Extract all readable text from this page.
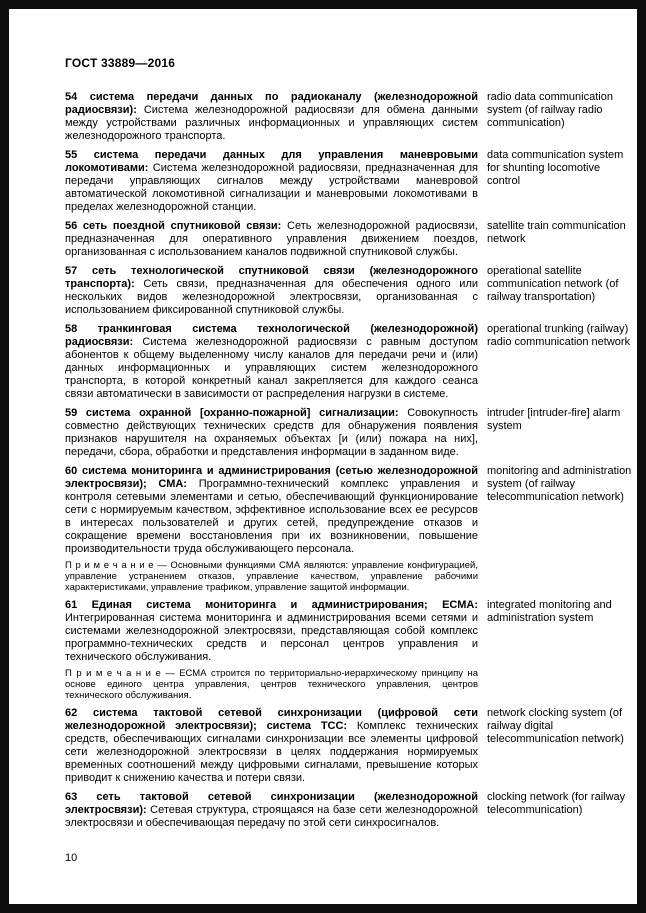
ГОСТ 33889—2016

54 система передачи данных по радиоканалу (железнодорожной радиосвязи): Система железнодорожной радиосвязи для обмена данными между устройствами различных информационных и управляющих систем железнодорожного транспорта.

radio data communication system (of railway radio communication)

55 система передачи данных для управления маневровыми локомотивами: Система железнодорожной радиосвязи, предназначенная для передачи управляющих сигналов между устройствами маневровой автоматической локомотивной сигнализации и маневровыми локомотивами в пределах железнодорожной станции.

data communication system for shunting locomotive control

56 сеть поездной спутниковой связи: Сеть железнодорожной радиосвязи, предназначенная для оперативного управления движением поездов, организованная с использованием каналов подвижной спутниковой службы.

satellite train communication network

57 сеть технологической спутниковой связи (железнодорожного транспорта): Сеть связи, предназначенная для обеспечения одного или нескольких видов железнодорожной электросвязи, организованная с использованием фиксированной спутниковой службы.

operational satellite communication network (of railway transportation)

58 транкинговая система технологической (железнодорожной) радиосвязи: Система железнодорожной радиосвязи с равным доступом абонентов к общему выделенному числу каналов для передачи речи и (или) данных информационных и управляющих систем железнодорожного транспорта, в которой конкретный канал закрепляется для каждого сеанса связи автоматически в зависимости от распределения нагрузки в системе.

operational trunking (railway) radio communication network

59 система охранной [охранно-пожарной] сигнализации: Совокупность совместно действующих технических средств для обнаружения появления признаков нарушителя на охраняемых объектах [и (или) пожара на них], передачи, сбора, обработки и представления информации в заданном виде.

intruder [intruder-fire] alarm system

60 система мониторинга и администрирования (сетью железнодорожной электросвязи); СМА: Программно-технический комплекс управления и контроля сетевыми элементами и сетью, обеспечивающий функционирование сети с нормируемым качеством, эффективное использование всех ее ресурсов в интересах пользователей и других сетей, предупреждение отказов и сокращение времени восстановления при их возникновении, повышение производительности труда обслуживающего персонала.

П р и м е ч а н и е — Основными функциями СМА являются: управление конфигурацией, управление устранением отказов, управление качеством, управление рабочими характеристиками, управление трафиком, управление защитой информации.

monitoring and administration system (of railway telecommunication network)

61 Единая система мониторинга и администрирования; ЕСМА: Интегрированная система мониторинга и администрирования всеми сетями и системами железнодорожной электросвязи, представляющая собой комплекс программно-технических средств и персонал центров управления и технического обслуживания.

П р и м е ч а н и е — ЕСМА строится по территориально-иерархическому принципу на основе единого центра управления, центров технического управления, центров технического обслуживания.

integrated monitoring and administration system

62 система тактовой сетевой синхронизации (цифровой сети железнодорожной электросвязи); система ТСС: Комплекс технических средств, обеспечивающих сигналами синхронизации все элементы цифровой сети железнодорожной электросвязи в целях поддержания нормируемых временных соотношений между цифровыми сигналами, превышение которых приводит к снижению качества и потери связи.

network clocking system (of railway digital telecommunication network)

63 сеть тактовой сетевой синхронизации (железнодорожной электросвязи): Сетевая структура, строящаяся на базе сети железнодорожной электросвязи и обеспечивающая передачу по этой сети синхросигналов.

clocking network (for railway telecommunication)
10
